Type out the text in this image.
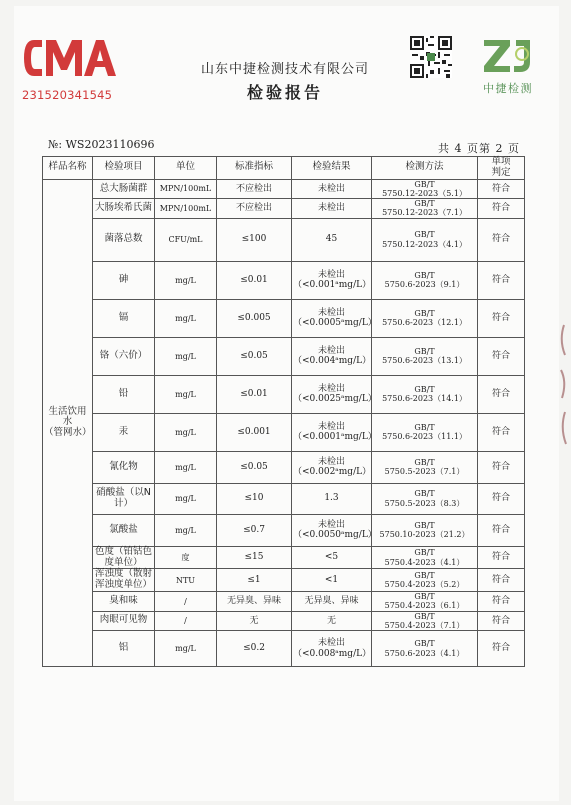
231520341545
山东中捷检测技术有限公司
检验报告	中捷检测
№: WS2023110696	共 4 页第 2 页
样品名称	检验项目	单位	标准指标	检验结果	检测方法	单项
判定
生活饮用水
（管网水）	总大肠菌群	MPN/100mL	不应检出	未检出	GB/T
5750.12-2023（5.1）	符合
	大肠埃希氏菌	MPN/100mL	不应检出	未检出	GB/T
5750.12-2023（7.1）	符合
	菌落总数	CFU/mL	≤100	45	GB/T
5750.12-2023（4.1）	符合
	砷	mg/L	≤0.01	未检出
（<0.001ᵃmg/L）	GB/T
5750.6-2023（9.1）	符合
	镉	mg/L	≤0.005	未检出
（<0.0005ᵃmg/L）	GB/T
5750.6-2023（12.1）	符合
	铬（六价）	mg/L	≤0.05	未检出
（<0.004ᵃmg/L）	GB/T
5750.6-2023（13.1）	符合
	铅	mg/L	≤0.01	未检出
（<0.0025ᵃmg/L）	GB/T
5750.6-2023（14.1）	符合
	汞	mg/L	≤0.001	未检出
（<0.0001ᵃmg/L）	GB/T
5750.6-2023（11.1）	符合
	氰化物	mg/L	≤0.05	未检出
（<0.002ᵃmg/L）	GB/T
5750.5-2023（7.1）	符合
	硝酸盐（以N
计）	mg/L	≤10	1.3	GB/T
5750.5-2023（8.3）	符合
	氯酸盐	mg/L	≤0.7	未检出
（<0.0050ᵃmg/L）	GB/T
5750.10-2023（21.2）	符合
	色度（铂钴色
度单位）	度	≤15	<5	GB/T
5750.4-2023（4.1）	符合
	浑浊度（散射
浑浊度单位）	NTU	≤1	<1	GB/T
5750.4-2023（5.2）	符合
	臭和味	/	无异臭、异味	无异臭、异味	GB/T
5750.4-2023（6.1）	符合
	肉眼可见物	/	无	无	GB/T
5750.4-2023（7.1）	符合
	铝	mg/L	≤0.2	未检出
（<0.008ᵃmg/L）	GB/T
5750.6-2023（4.1）	符合
